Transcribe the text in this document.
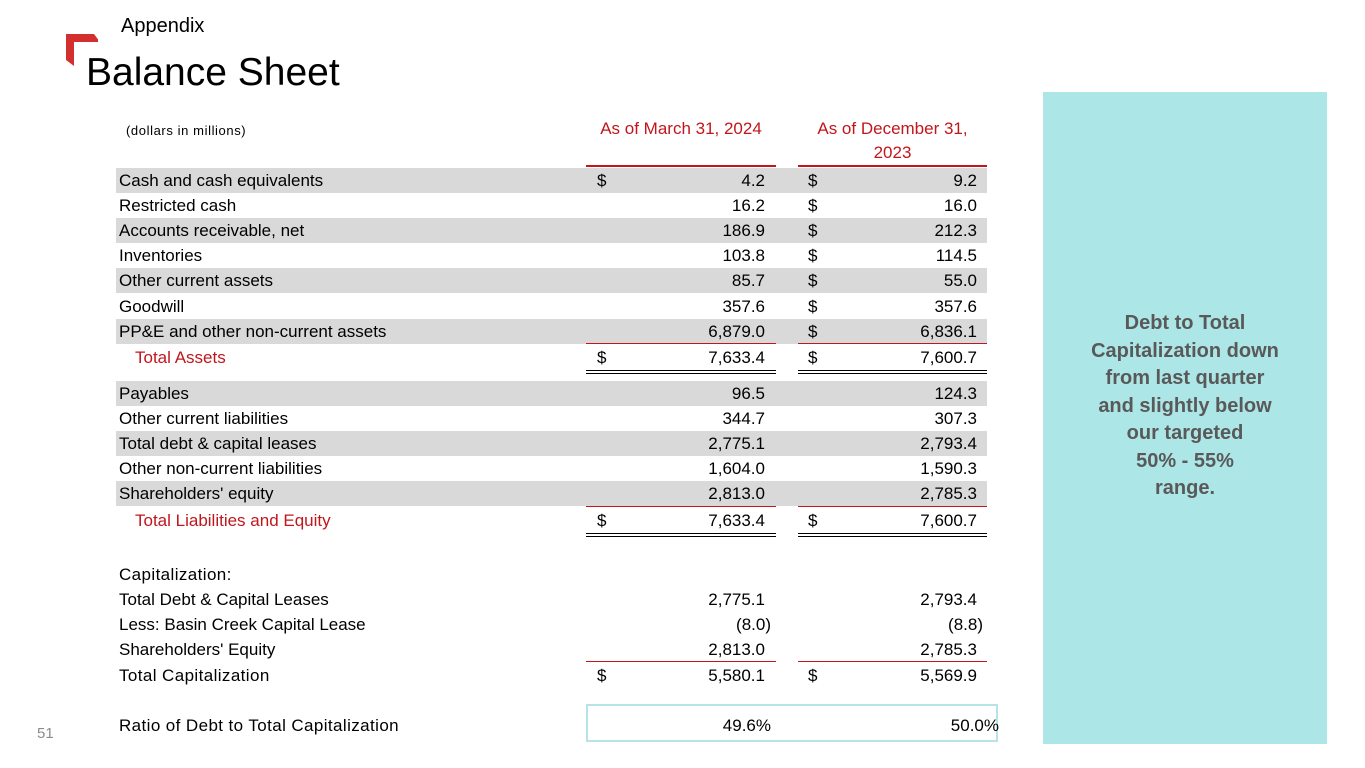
Appendix
Balance Sheet
(dollars in millions)	As of March 31, 2024	As of December 31, 2023
Cash and cash equivalents	$	4.2	$	9.2
Restricted cash	16.2	$	16.0
Accounts receivable, net	186.9	$	212.3
Inventories	103.8	$	114.5
Other current assets	85.7	$	55.0
Goodwill	357.6	$	357.6
PP&E and other non-current assets	6,879.0	$	6,836.1
Total Assets	$	7,633.4	$	7,600.7
Payables	96.5	124.3
Other current liabilities	344.7	307.3
Total debt & capital leases	2,775.1	2,793.4
Other non-current liabilities	1,604.0	1,590.3
Shareholders' equity	2,813.0	2,785.3
Total Liabilities and Equity	$	7,633.4	$	7,600.7
Capitalization:
Total Debt & Capital Leases	2,775.1	2,793.4
Less: Basin Creek Capital Lease	(8.0)	(8.8)
Shareholders' Equity	2,813.0	2,785.3
Total Capitalization	$	5,580.1	$	5,569.9
Ratio of Debt to Total Capitalization	49.6%	50.0%
Debt to Total
Capitalization down
from last quarter
and slightly below
our targeted
50% - 55%
range.
51
